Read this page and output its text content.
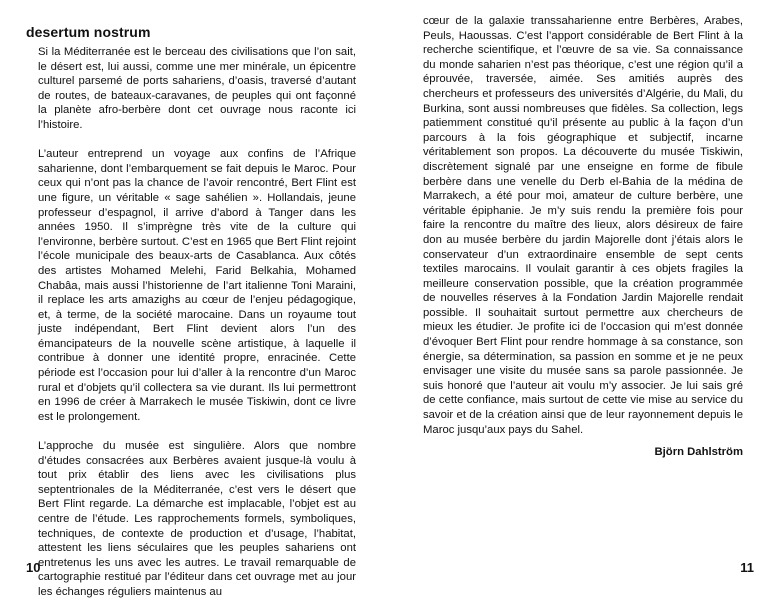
desertum nostrum

Si la Méditerranée est le berceau des civilisations que l’on sait, le désert est, lui aussi, comme une mer minérale, un épicentre culturel parsemé de ports sahariens, d’oasis, traversé d’autant de routes, de bateaux-caravanes, de peuples qui ont façonné la planète afro-berbère dont cet ouvrage nous raconte ici l’histoire.

L’auteur entreprend un voyage aux confins de l’Afrique saharienne, dont l’embarquement se fait depuis le Maroc. Pour ceux qui n’ont pas la chance de l’avoir rencontré, Bert Flint est une figure, un véritable « sage sahélien ». Hollandais, jeune professeur d’espagnol, il arrive d’abord à Tanger dans les années 1950. Il s’imprègne très vite de la culture qui l’environne, berbère surtout. C’est en 1965 que Bert Flint rejoint l’école municipale des beaux-arts de Casablanca. Aux côtés des artistes Mohamed Melehi, Farid Belkahia, Mohamed Chabâa, mais aussi l’historienne de l’art italienne Toni Maraini, il replace les arts amazighs au cœur de l’enjeu pédagogique, et, à terme, de la société marocaine. Dans un royaume tout juste indépendant, Bert Flint devient alors l’un des émancipateurs de la nouvelle scène artistique, à laquelle il contribue à donner une identité propre, enracinée. Cette période est l’occasion pour lui d’aller à la rencontre d’un Maroc rural et d’objets qu’il collectera sa vie durant. Ils lui permettront en 1996 de créer à Marrakech le musée Tiskiwin, dont ce livre est le prolongement.

L’approche du musée est singulière. Alors que nombre d’études consacrées aux Berbères avaient jusque-là voulu à tout prix établir des liens avec les civilisations plus septentrionales de la Méditerranée, c’est vers le désert que Bert Flint regarde. La démarche est implacable, l’objet est au centre de l’étude. Les rapprochements formels, symboliques, techniques, de contexte de production et d’usage, l’habitat, attestent les liens séculaires que les peuples sahariens ont entretenus les uns avec les autres. Le travail remarquable de cartographie restitué par l’éditeur dans cet ouvrage met au jour les échanges réguliers maintenus au

10

cœur de la galaxie transsaharienne entre Berbères, Arabes, Peuls, Haoussas. C’est l’apport considérable de Bert Flint à la recherche scientifique, et l’œuvre de sa vie. Sa connaissance du monde saharien n’est pas théorique, c’est une région qu’il a éprouvée, traversée, aimée. Ses amitiés auprès des chercheurs et professeurs des universités d’Algérie, du Mali, du Burkina, sont aussi nombreuses que fidèles. Sa collection, legs patiemment constitué qu’il présente au public à la façon d’un parcours à la fois géographique et subjectif, incarne véritablement son propos. La découverte du musée Tiskiwin, discrètement signalé par une enseigne en forme de fibule berbère dans une venelle du Derb el-Bahia de la médina de Marrakech, a été pour moi, amateur de culture berbère, une véritable épiphanie. Je m’y suis rendu la première fois pour faire la rencontre du maître des lieux, alors désireux de faire don au musée berbère du jardin Majorelle dont j’étais alors le conservateur d’un extraordinaire ensemble de sept cents textiles marocains. Il voulait garantir à ces objets fragiles la meilleure conservation possible, que la création programmée de nouvelles réserves à la Fondation Jardin Majorelle rendait possible. Il souhaitait surtout permettre aux chercheurs de mieux les étudier. Je profite ici de l’occasion qui m’est donnée d’évoquer Bert Flint pour rendre hommage à sa constance, son énergie, sa détermination, sa passion en somme et je ne peux envisager une visite du musée sans sa parole passionnée. Je suis honoré que l’auteur ait voulu m’y associer. Je lui sais gré de cette confiance, mais surtout de cette vie mise au service du savoir et de la création ainsi que de leur rayonnement depuis le Maroc jusqu’aux pays du Sahel.

Björn Dahlström
11
